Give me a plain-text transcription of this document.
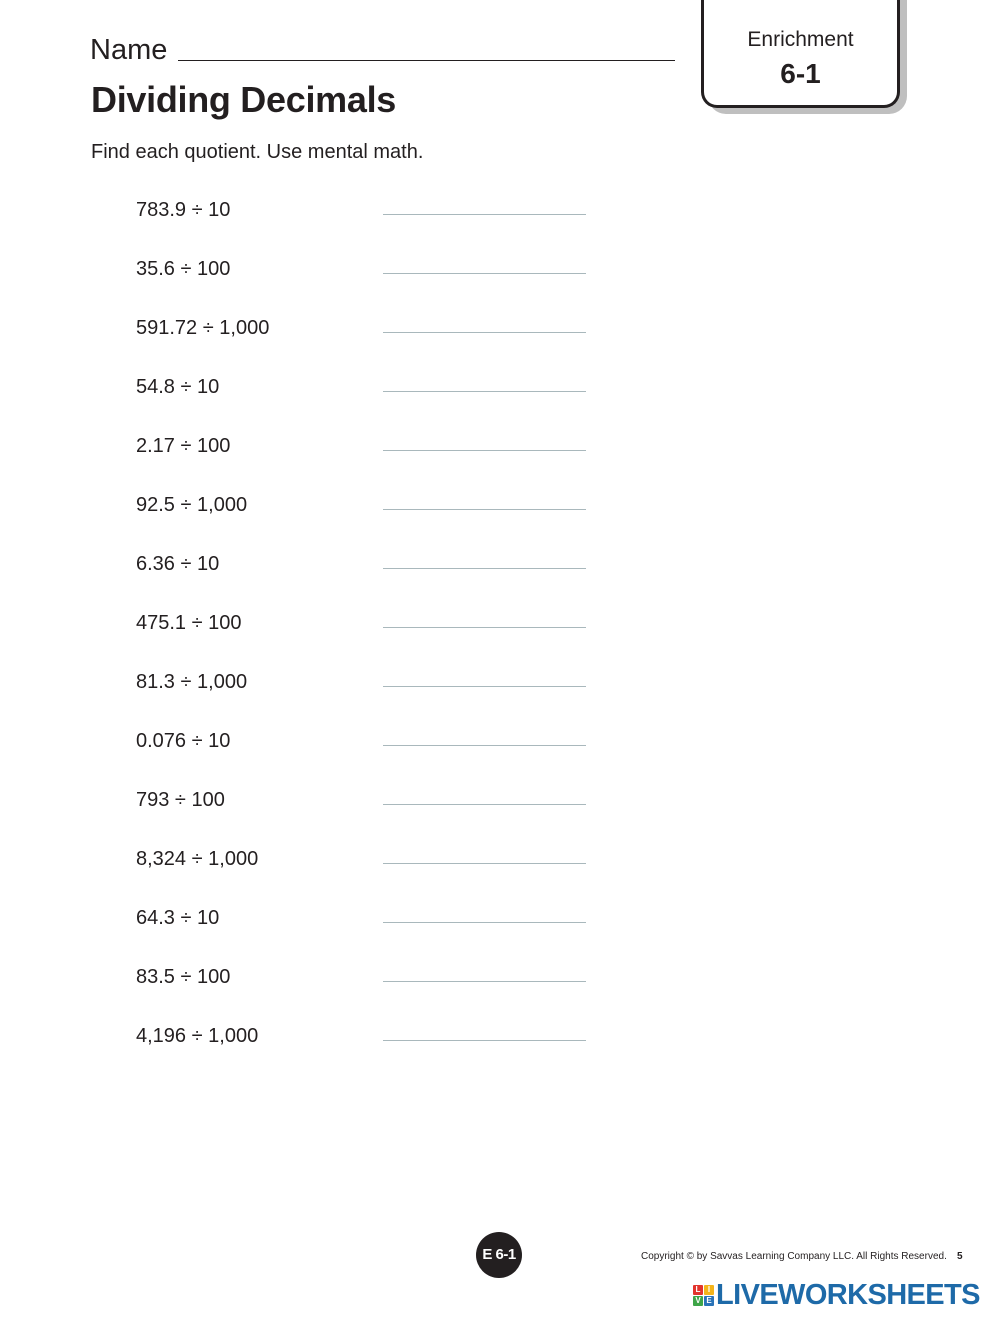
Name
Dividing Decimals
Find each quotient. Use mental math.
Enrichment
6-1
783.9 ÷ 10
35.6 ÷ 100
591.72 ÷ 1,000
54.8 ÷ 10
2.17 ÷ 100
92.5 ÷ 1,000
6.36 ÷ 10
475.1 ÷ 100
81.3 ÷ 1,000
0.076 ÷ 10
793 ÷ 100
8,324 ÷ 1,000
64.3 ÷ 10
83.5 ÷ 100
4,196 ÷ 1,000
E 6-1	Copyright © by Savvas Learning Company LLC. All Rights Reserved. 5
L I
V E LIVEWORKSHEETS
